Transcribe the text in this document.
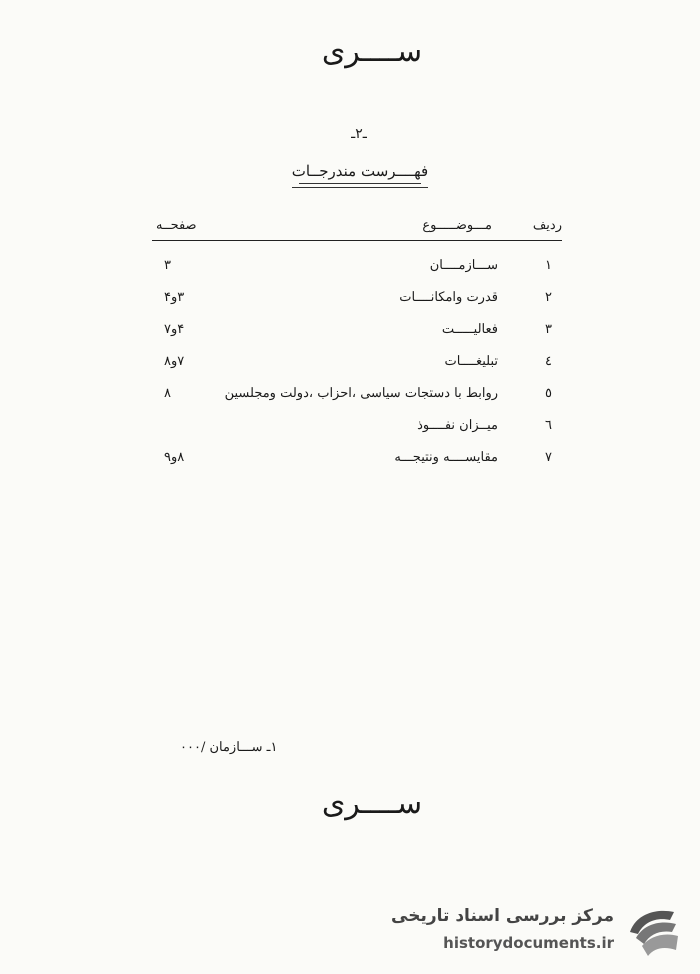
ســــری
ـ۲ـ
فهــــرست مندرجــات
ردیف
مـــوضـــــوع
صفحــه
۱
ســـازمــــان
۳
۲
قدرت وامکانــــات
۳و۴
۳
فعالیـــــت
۴و۷
٤
تبلیغــــات
۷و۸
٥
روابط با دستجات سیاسی ،احزاب ،دولت ومجلسین
۸
٦
میــزان نفــــوذ
۷
مقایســــه ونتیجـــه
۸و۹
۱ـ ســـازمان /۰۰۰
ســــری
مرکز بررسی اسناد تاریخی
historydocuments.ir
